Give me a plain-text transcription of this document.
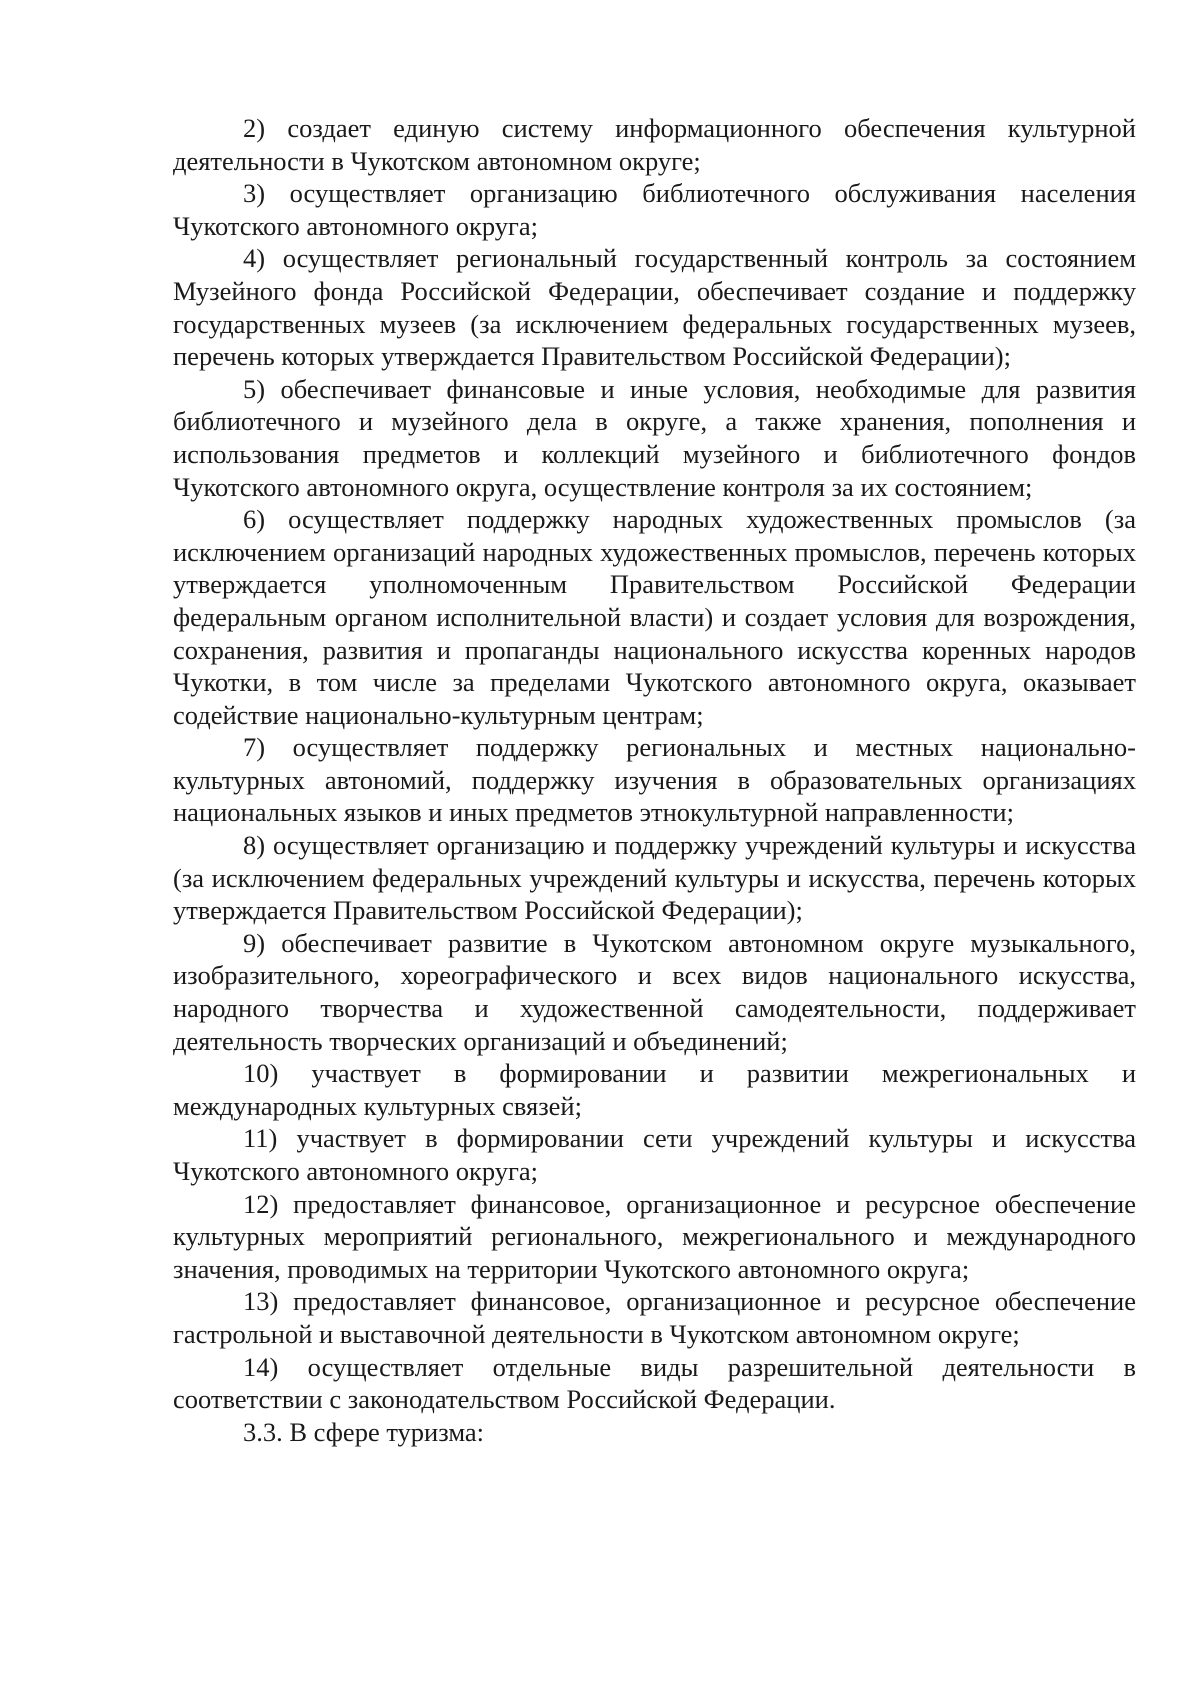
2) создает единую систему информационного обеспечения культурной деятельности в Чукотском автономном округе;

3) осуществляет организацию библиотечного обслуживания населения Чукотского автономного округа;

4) осуществляет региональный государственный контроль за состоянием Музейного фонда Российской Федерации, обеспечивает создание и поддержку государственных музеев (за исключением федеральных государственных музеев, перечень которых утверждается Правительством Российской Федерации);

5) обеспечивает финансовые и иные условия, необходимые для развития библиотечного и музейного дела в округе, а также хранения, пополнения и использования предметов и коллекций музейного и библиотечного фондов Чукотского автономного округа, осуществление контроля за их состоянием;

6) осуществляет поддержку народных художественных промыслов (за исключением организаций народных художественных промыслов, перечень которых утверждается уполномоченным Правительством Российской Федерации федеральным органом исполнительной власти) и создает условия для возрождения, сохранения, развития и пропаганды национального искусства коренных народов Чукотки, в том числе за пределами Чукотского автономного округа, оказывает содействие национально-культурным центрам;

7) осуществляет поддержку региональных и местных национально-культурных автономий, поддержку изучения в образовательных организациях национальных языков и иных предметов этнокультурной направленности;

8) осуществляет организацию и поддержку учреждений культуры и искусства (за исключением федеральных учреждений культуры и искусства, перечень которых утверждается Правительством Российской Федерации);

9) обеспечивает развитие в Чукотском автономном округе музыкального, изобразительного, хореографического и всех видов национального искусства, народного творчества и художественной самодеятельности, поддерживает деятельность творческих организаций и объединений;

10) участвует в формировании и развитии межрегиональных и международных культурных связей;

11) участвует в формировании сети учреждений культуры и искусства Чукотского автономного округа;

12) предоставляет финансовое, организационное и ресурсное обеспечение культурных мероприятий регионального, межрегионального и международного значения, проводимых на территории Чукотского автономного округа;

13) предоставляет финансовое, организационное и ресурсное обеспечение гастрольной и выставочной деятельности в Чукотском автономном округе;

14) осуществляет отдельные виды разрешительной деятельности в соответствии с законодательством Российской Федерации.

3.3. В сфере туризма:
